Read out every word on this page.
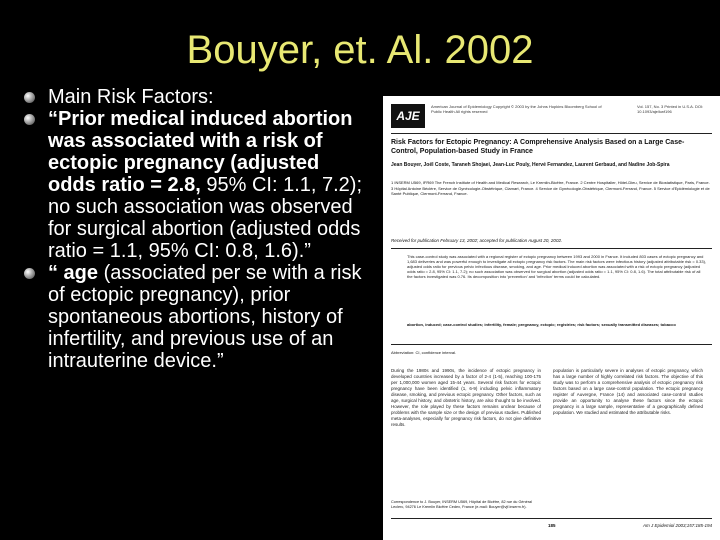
Bouyer, et. Al. 2002

Main Risk Factors:

“Prior medical induced abortion was associated with a risk of ectopic pregnancy (adjusted odds ratio = 2.8, 95% CI: 1.1, 7.2); no such association was observed for surgical abortion (adjusted odds ratio = 1.1, 95% CI: 0.8, 1.6).”

“ age (associated per se with a risk of ectopic pregnancy), prior spontaneous abortions, history of infertility, and previous use of an intrauterine device.”

AJE
American Journal of Epidemiology Copyright © 2003 by the Johns Hopkins Bloomberg School of Public Health All rights reserved
Vol. 157, No. 3 Printed in U.S.A. DOI: 10.1093/aje/kwf196
Risk Factors for Ectopic Pregnancy: A Comprehensive Analysis Based on a Large Case-Control, Population-based Study in France
Jean Bouyer, Joël Coste, Taraneh Shojaei, Jean-Luc Pouly, Hervé Fernandez, Laurent Gerbaud, and Nadine Job-Spira
1 INSERM U569, IFR69 The French Institute of Health and Medical Research, Le Kremlin-Bicêtre, France. 2 Centre Hospitalier, Hôtel-Dieu, Service de Biostatistique, Paris, France. 3 Hôpital Antoine Béclère, Service de Gynécologie-Obstétrique, Clamart, France. 4 Service de Gynécologie-Obstétrique, Clermont-Ferrand, France. 5 Service d'Epidémiologie et de Santé Publique, Clermont-Ferrand, France.
Received for publication February 13, 2002; accepted for publication August 20, 2002.
This case-control study was associated with a regional register of ectopic pregnancy between 1993 and 2000 in France. It included 803 cases of ectopic pregnancy and 1,683 deliveries and was powerful enough to investigate all ectopic pregnancy risk factors. The main risk factors were infectious history (adjusted attributable risk = 0.33), adjusted odds ratio for previous pelvic infectious disease, smoking, and age. Prior medical induced abortion was associated with a risk of ectopic pregnancy (adjusted odds ratio = 2.8, 95% CI: 1.1, 7.2); no such association was observed for surgical abortion (adjusted odds ratio = 1.1, 95% CI: 0.8, 1.6). The total attributable risk of all the factors investigated was 0.76. Its decomposition into 'prevention' and 'infection' terms could be calculated.
abortion, induced; case-control studies; infertility, female; pregnancy, ectopic; registries; risk factors; sexually transmitted diseases; tobacco
Abbreviation: CI, confidence interval.
During the 1980s and 1990s, the incidence of ectopic pregnancy in developed countries increased by a factor of 2-4 (1-5), reaching 100-175 per 1,000,000 women aged 15-44 years. Several risk factors for ectopic pregnancy have been identified (1, 6-9) including pelvic inflammatory disease, smoking, and previous ectopic pregnancy. Other factors, such as age, surgical history, and obstetric history, are also thought to be involved. However, the role played by these factors remains unclear because of problems with the sample size or the design of previous studies. Published meta-analyses, especially for pregnancy risk factors, do not give definitive results.
population is particularly severe in analyses of ectopic pregnancy, which has a large number of highly correlated risk factors. The objective of this study was to perform a comprehensive analysis of ectopic pregnancy risk factors based on a large case-control population. The ectopic pregnancy register of Auvergne, France (14) and associated case-control studies provide an opportunity to analyse these factors since the ectopic pregnancy is a large sample, representative of a geographically defined population. We studied and estimated the attributable risks.
Correspondence to J. Bouyer, INSERM U569, Hôpital de Bicêtre, 82 rue du Général Leclerc, 94276 Le Kremlin Bicêtre Cedex, France (e-mail: Bouyer@vjf.inserm.fr).
185	Am J Epidemiol 2003;157:185-194
